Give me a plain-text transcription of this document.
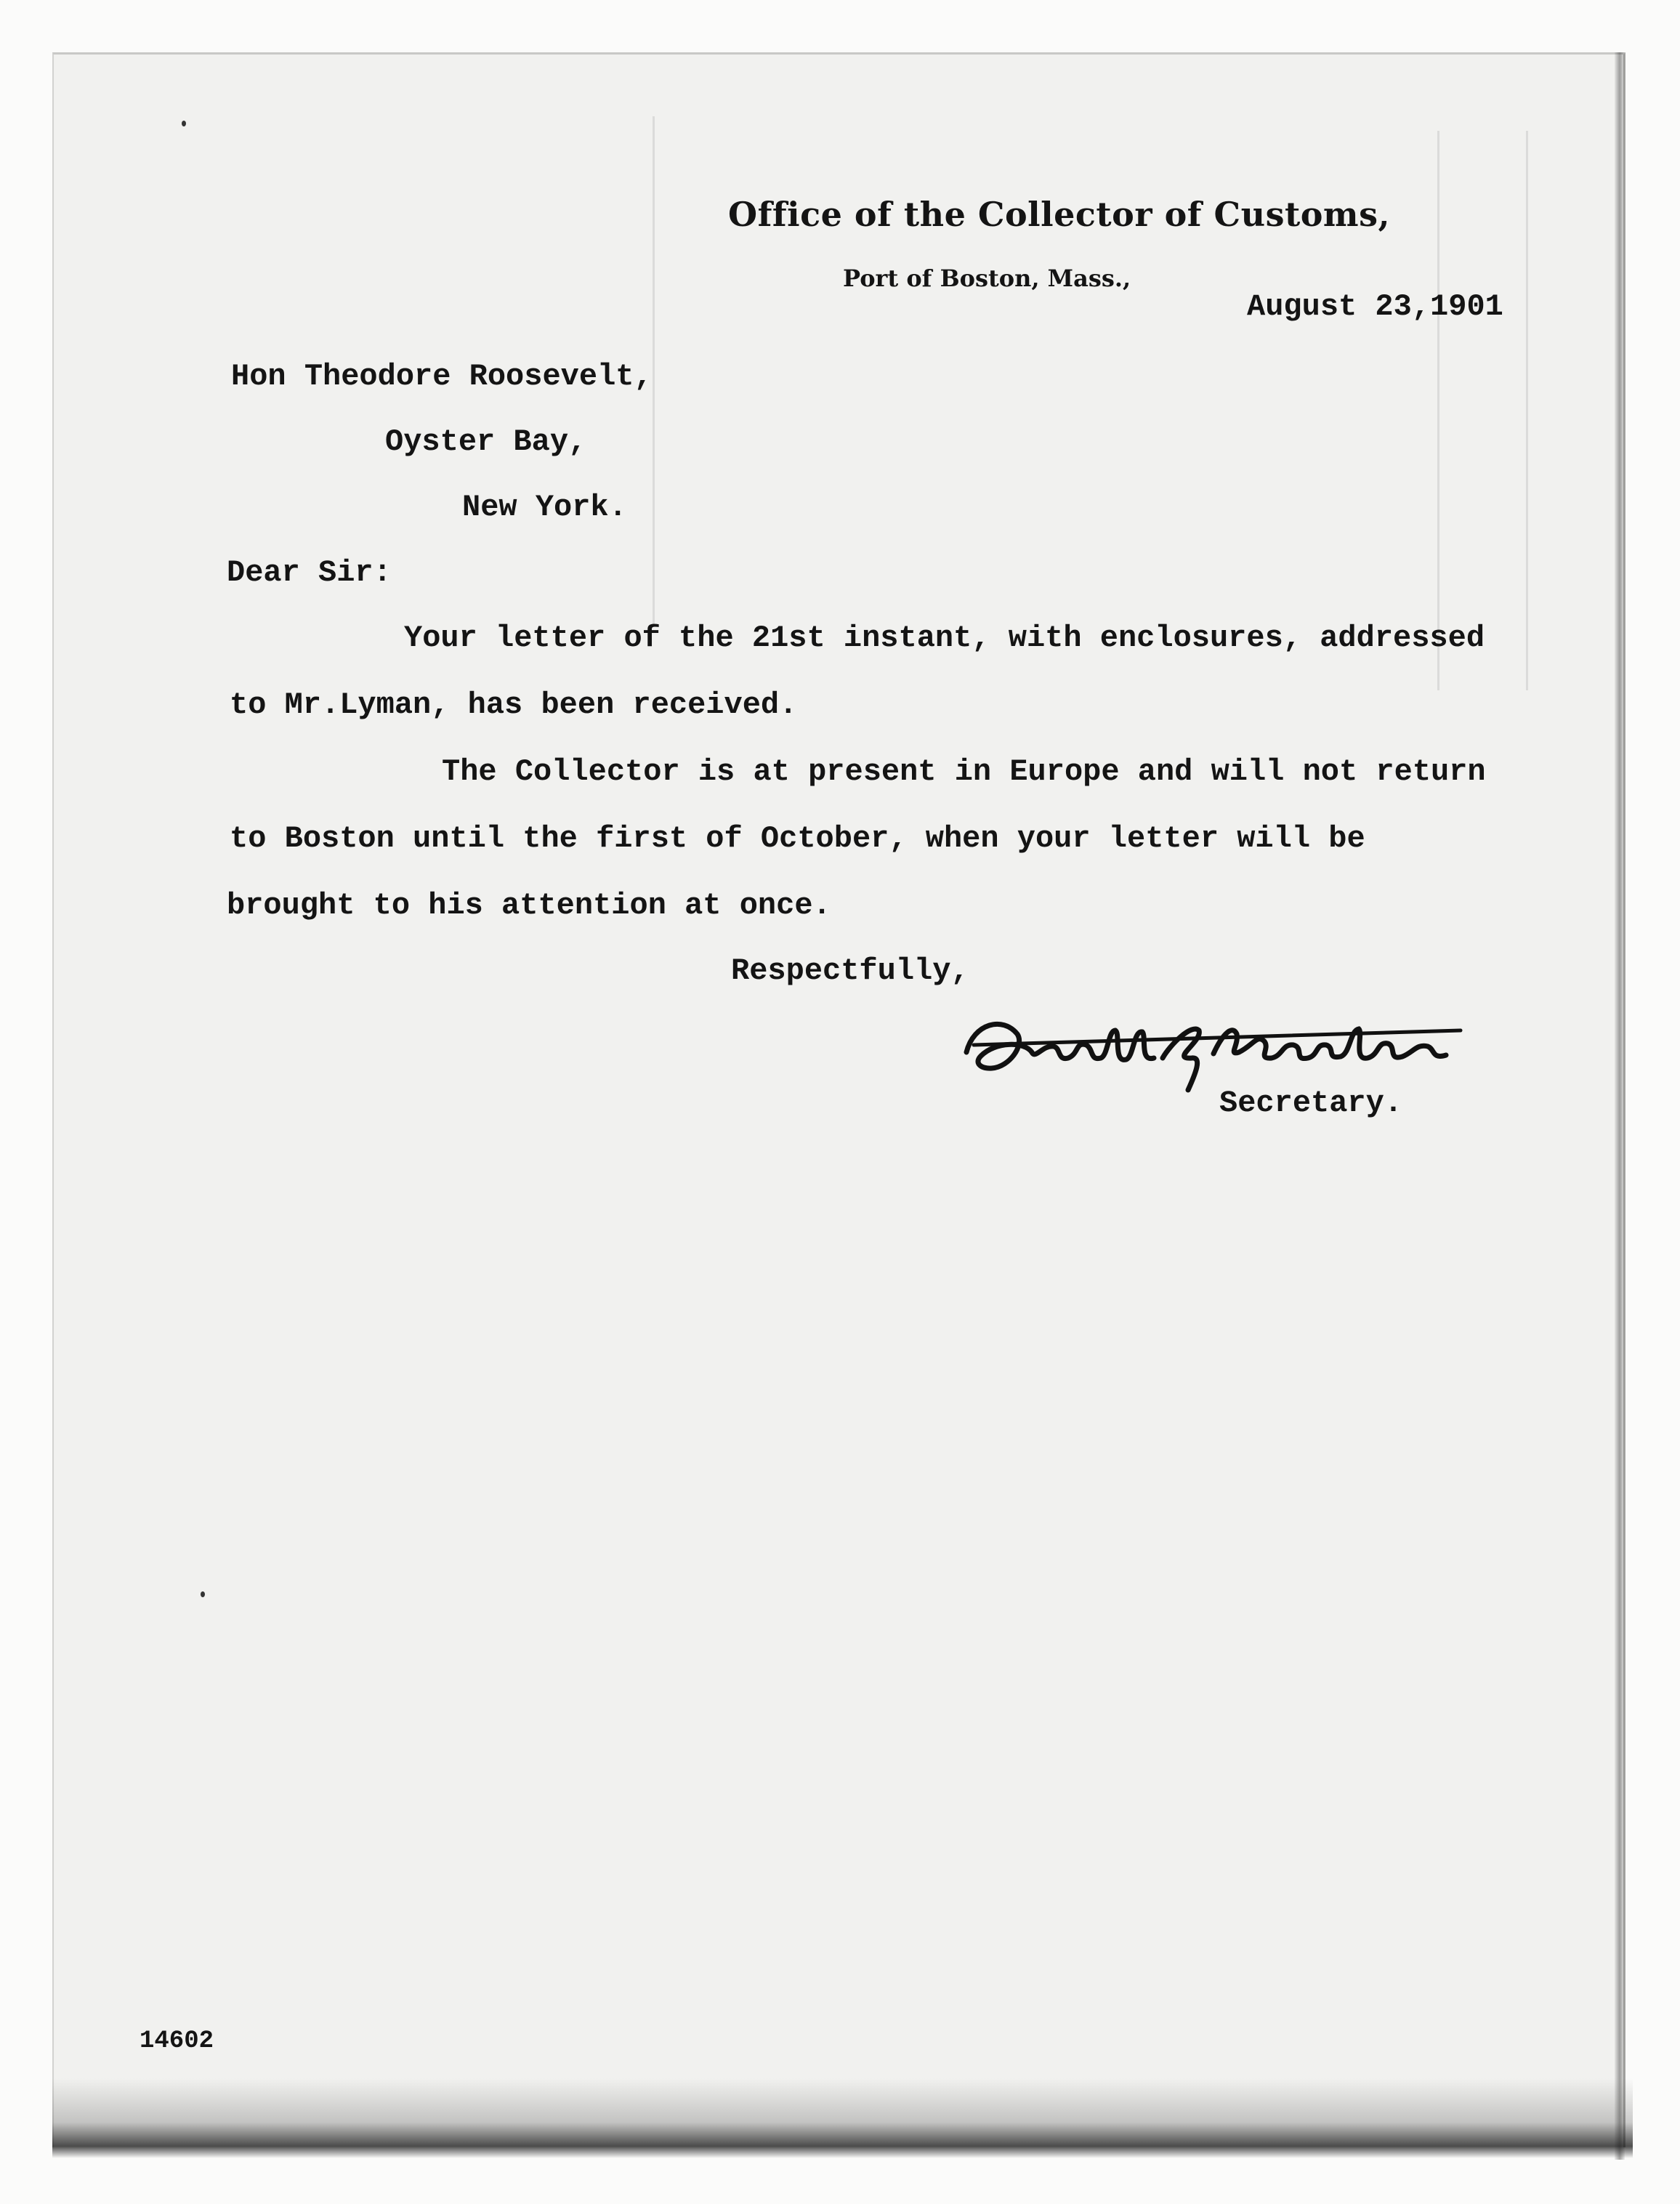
Office of the Collector of Customs,
Port of Boston, Mass.,
August 23,1901
Hon Theodore Roosevelt,
Oyster Bay,
New York.
Dear Sir:
Your letter of the 21st instant, with enclosures, addressed
to Mr.Lyman, has been received.
The Collector is at present in Europe and will not return
to Boston until the first of October, when your letter will be
brought to his attention at once.
Respectfully,
Secretary.
14602
